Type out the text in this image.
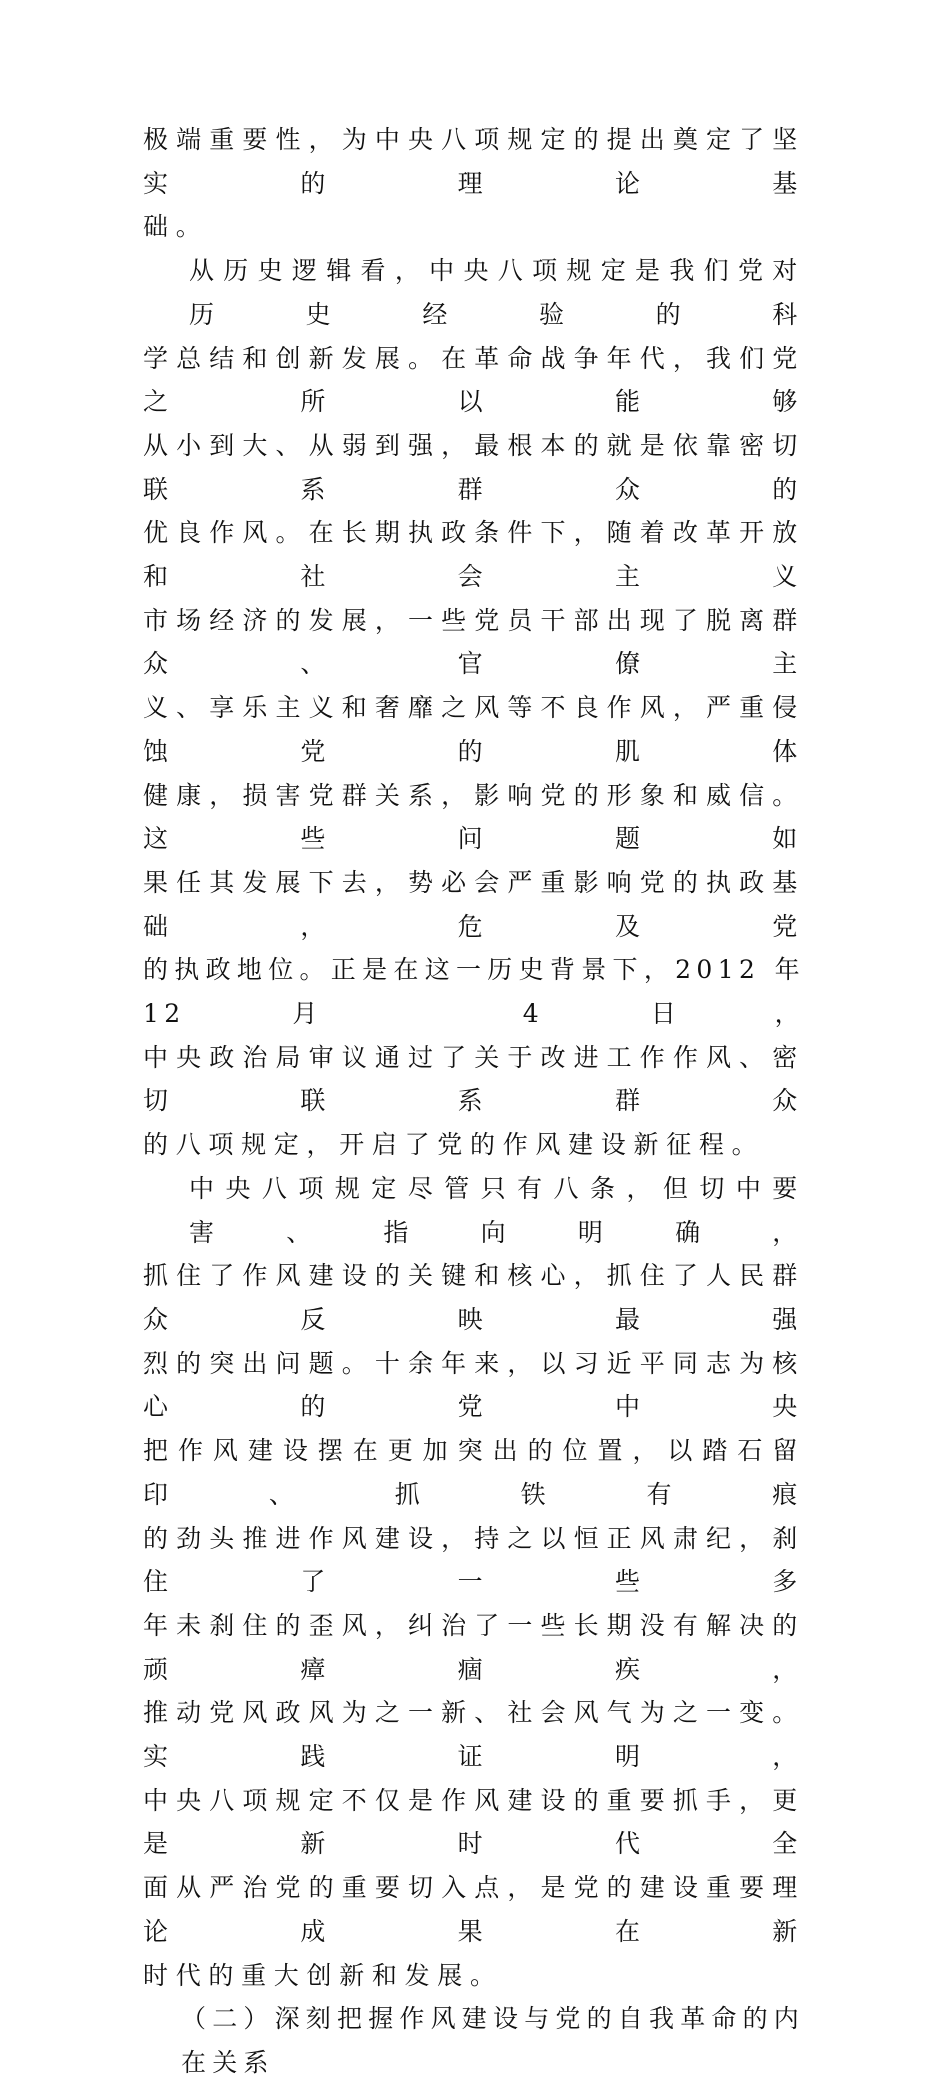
极端重要性，为中央八项规定的提出奠定了坚实的理论基
础。
从历史逻辑看，中央八项规定是我们党对历史经验的科
学总结和创新发展。在革命战争年代，我们党之所以能够
从小到大、从弱到强，最根本的就是依靠密切联系群众的
优良作风。在长期执政条件下，随着改革开放和社会主义
市场经济的发展，一些党员干部出现了脱离群众、官僚主
义、享乐主义和奢靡之风等不良作风，严重侵蚀党的肌体
健康，损害党群关系，影响党的形象和威信。这些问题如
果任其发展下去，势必会严重影响党的执政基础，危及党
的执政地位。正是在这一历史背景下，2012 年 12 月 4 日，
中央政治局审议通过了关于改进工作作风、密切联系群众
的八项规定，开启了党的作风建设新征程。
中央八项规定尽管只有八条，但切中要害、指向明确，
抓住了作风建设的关键和核心，抓住了人民群众反映最强
烈的突出问题。十余年来，以习近平同志为核心的党中央
把作风建设摆在更加突出的位置，以踏石留印、抓铁有痕
的劲头推进作风建设，持之以恒正风肃纪，刹住了一些多
年未刹住的歪风，纠治了一些长期没有解决的顽瘴痼疾，
推动党风政风为之一新、社会风气为之一变。实践证明，
中央八项规定不仅是作风建设的重要抓手，更是新时代全
面从严治党的重要切入点，是党的建设重要理论成果在新
时代的重大创新和发展。
（二）深刻把握作风建设与党的自我革命的内在关系
